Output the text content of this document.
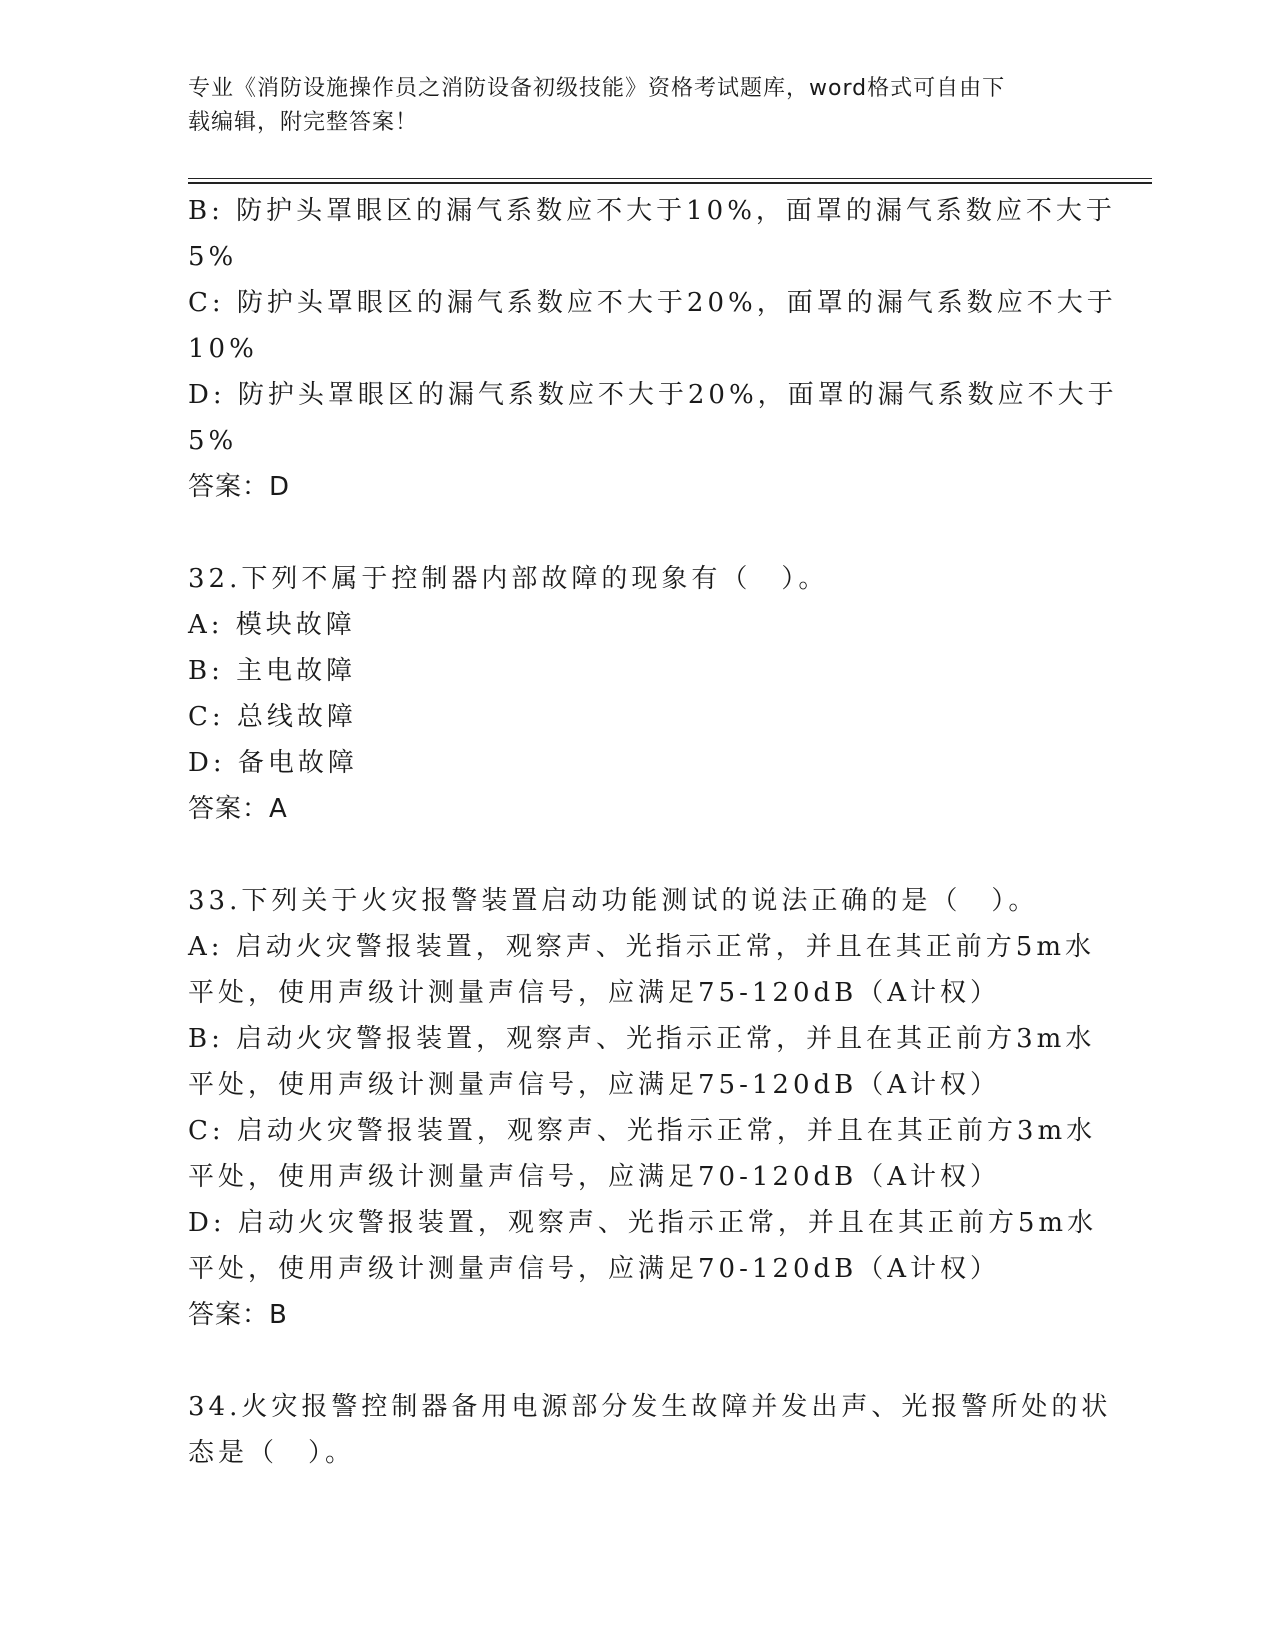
专业《消防设施操作员之消防设备初级技能》资格考试题库，word格式可自由下
载编辑，附完整答案！
B: 防护头罩眼区的漏气系数应不大于10%，面罩的漏气系数应不大于
5%
C: 防护头罩眼区的漏气系数应不大于20%，面罩的漏气系数应不大于
10%
D: 防护头罩眼区的漏气系数应不大于20%，面罩的漏气系数应不大于
5%
答案：D
32.下列不属于控制器内部故障的现象有（　）。
A: 模块故障
B: 主电故障
C: 总线故障
D: 备电故障
答案：A
33.下列关于火灾报警装置启动功能测试的说法正确的是（　）。
A: 启动火灾警报装置，观察声、光指示正常，并且在其正前方5m水
平处，使用声级计测量声信号，应满足75-120dB（A计权）
B: 启动火灾警报装置，观察声、光指示正常，并且在其正前方3m水
平处，使用声级计测量声信号，应满足75-120dB（A计权）
C: 启动火灾警报装置，观察声、光指示正常，并且在其正前方3m水
平处，使用声级计测量声信号，应满足70-120dB（A计权）
D: 启动火灾警报装置，观察声、光指示正常，并且在其正前方5m水
平处，使用声级计测量声信号，应满足70-120dB（A计权）
答案：B
34.火灾报警控制器备用电源部分发生故障并发出声、光报警所处的状
态是（　）。
